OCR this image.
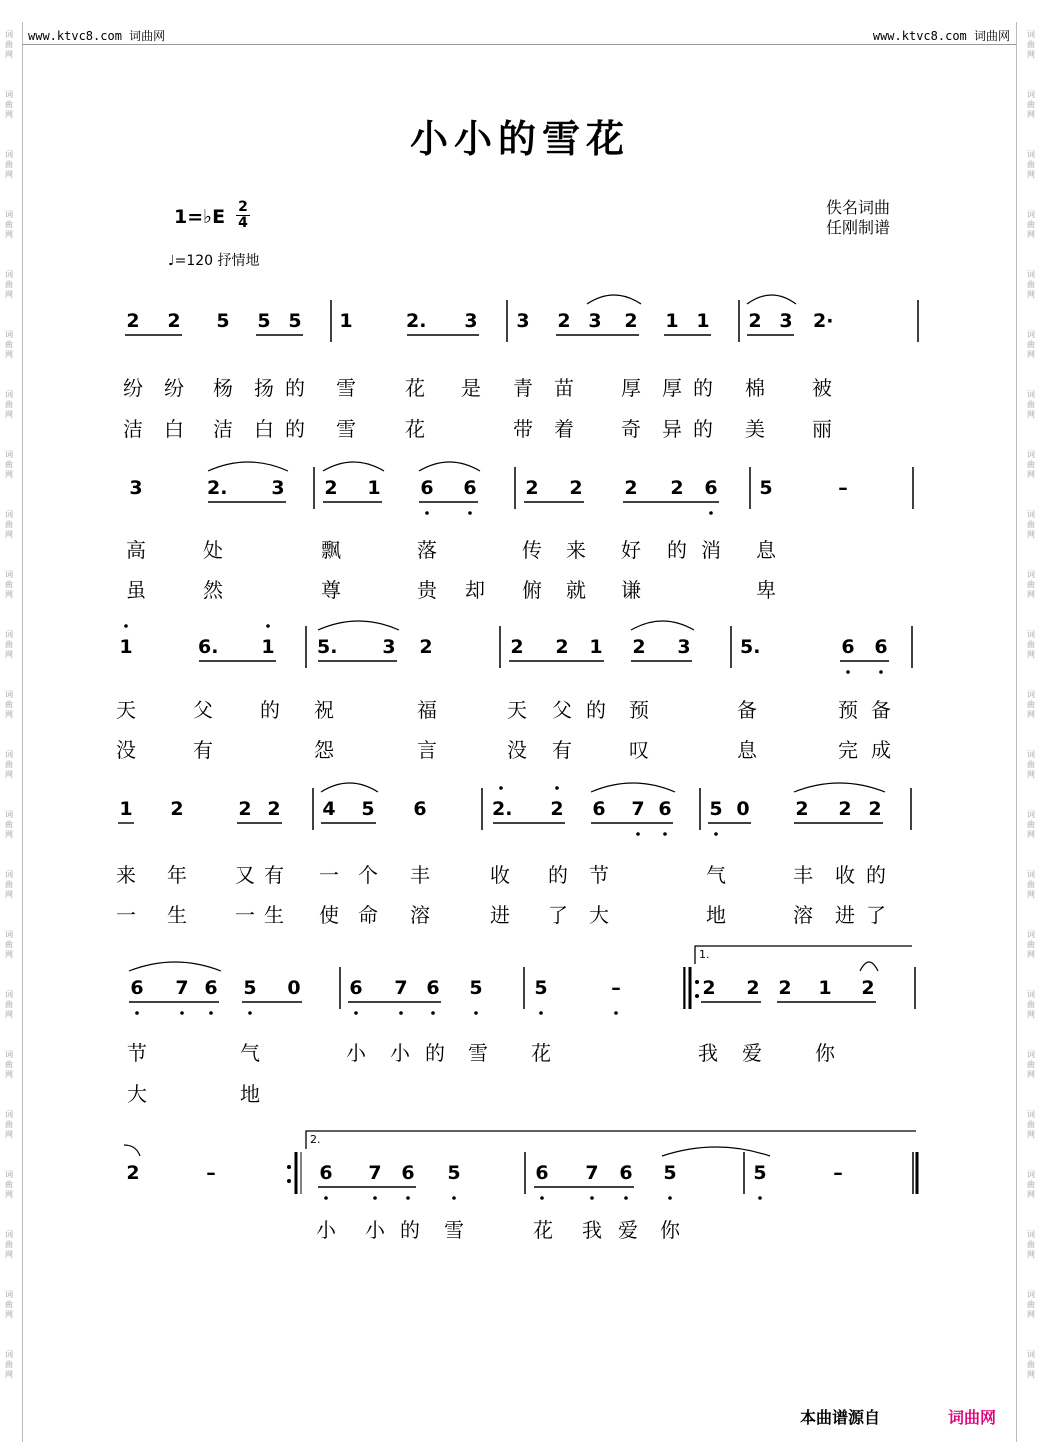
www.ktvc8.com 词曲网	www.ktvc8.com 词曲网
词
曲
网
词
曲
网
词
曲
网
词
曲
网
词
曲
网
词
曲
网
词
曲
网
词
曲
网
词
曲
网
词
曲
网
词
曲
网
词
曲
网
词
曲
网
词
曲
网
词
曲
网
词
曲
网
词
曲
网
词
曲
网
词
曲
网
词
曲
网
词
曲
网
词
曲
网
词
曲
网
词
曲
网
词
曲
网
词
曲
网
词
曲
网
词
曲
网
词
曲
网
词
曲
网
词
曲
网
词
曲
网
词
曲
网
词
曲
网
词
曲
网
词
曲
网
词
曲
网
词
曲
网
词
曲
网
词
曲
网
词
曲
网
词
曲
网
词
曲
网
词
曲
网
词
曲
网
词
曲
网
小小的雪花
1=♭E $\frac{2}{4}$
♩=120 抒情地
佚名词曲
任刚制谱
2 2 5 5 5 1	2. 3 3 2 3 2 1 1 2 3 2·
纷 纷 杨 扬 的 雪 花 是 青 苗 厚 厚 的 棉 被
洁 白 洁 白 的 雪 花	带 着 奇 异 的 美 丽
3	2. 3 2 1 6 6	2 2 2 2 6 5	–
高	处	飘	落	传 来 好 的 消 息
虽	然	尊	贵 却 俯 就 谦	卑
1	6. 1 5. 3 2	2 2 1 2 3	5.	6 6
天	父 的 祝	福	天 父 的 预	备	预 备
没	有	怨	言	没 有	叹	息	完 成
1 2	2 2 4 5 6	2. 2 6 7 6 5 0 2 2 2
来 年 又 有 一 个 丰	收 的 节	气	丰 收 的
一 生 一 生 使 命 溶	进 了 大	地	溶 进 了
6 7 6 5 0	6 7 6 5	5	–	2 2 2 1 2
节	气	小 小 的 雪 花	我 爱	你
大	地
1.
2	–	6 7 6 5	6 7 6 5	5	–
小 小 的 雪	花 我 爱 你
2.
本曲谱源自	词曲网
